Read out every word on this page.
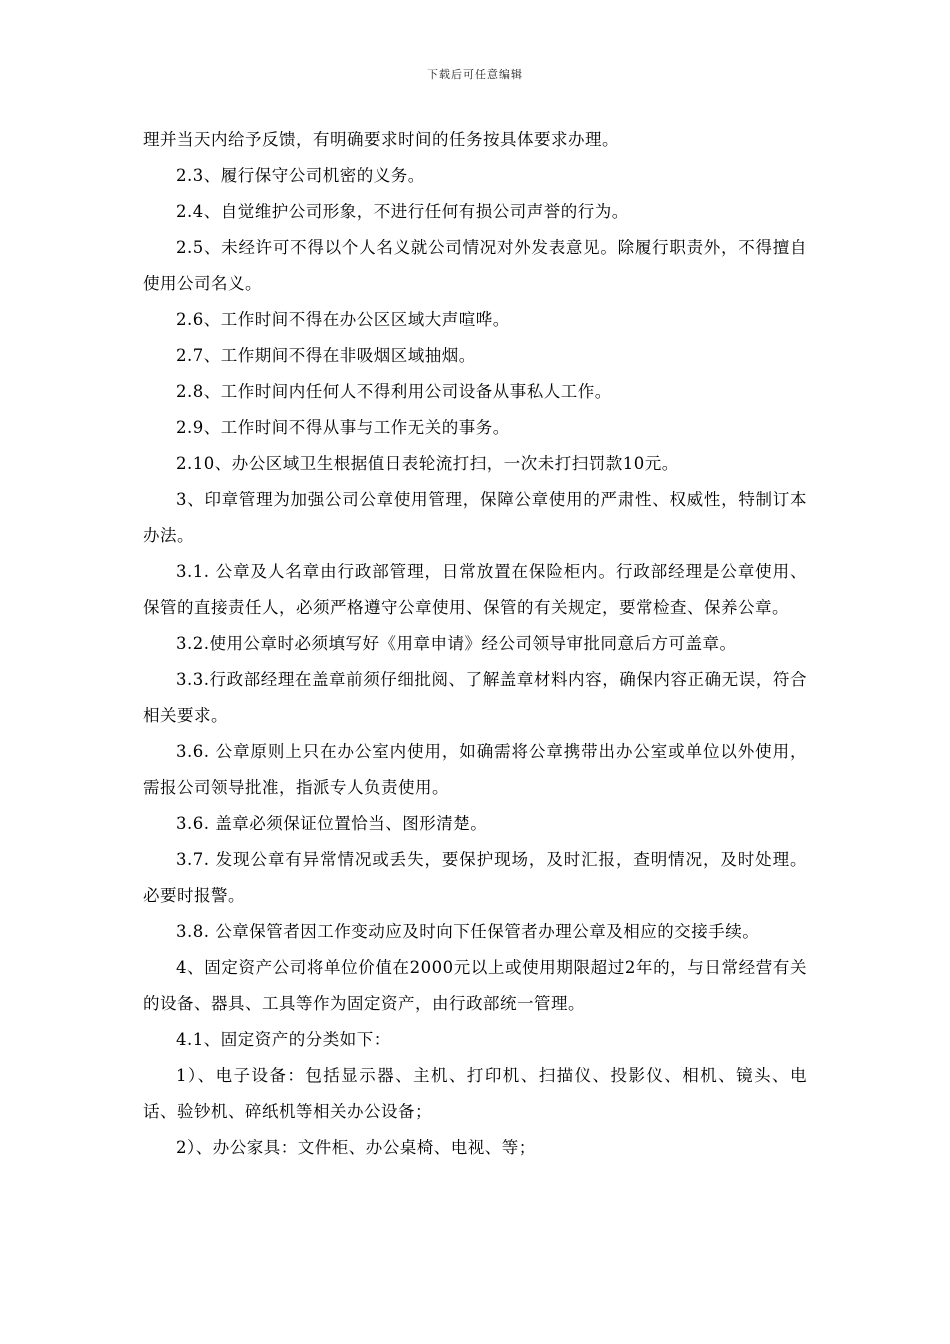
下载后可任意编辑

理并当天内给予反馈，有明确要求时间的任务按具体要求办理。

2.3、履行保守公司机密的义务。

2.4、自觉维护公司形象，不进行任何有损公司声誉的行为。

2.5、未经许可不得以个人名义就公司情况对外发表意见。除履行职责外，不得擅自使用公司名义。

2.6、工作时间不得在办公区区域大声喧哗。

2.7、工作期间不得在非吸烟区域抽烟。

2.8、工作时间内任何人不得利用公司设备从事私人工作。

2.9、工作时间不得从事与工作无关的事务。

2.10、办公区域卫生根据值日表轮流打扫，一次未打扫罚款10元。

3、印章管理为加强公司公章使用管理，保障公章使用的严肃性、权威性，特制订本办法。

3.1. 公章及人名章由行政部管理，日常放置在保险柜内。行政部经理是公章使用、保管的直接责任人，必须严格遵守公章使用、保管的有关规定，要常检查、保养公章。

3.2.使用公章时必须填写好《用章申请》经公司领导审批同意后方可盖章。

3.3.行政部经理在盖章前须仔细批阅、了解盖章材料内容，确保内容正确无误，符合相关要求。

3.6. 公章原则上只在办公室内使用，如确需将公章携带出办公室或单位以外使用，需报公司领导批准，指派专人负责使用。

3.6. 盖章必须保证位置恰当、图形清楚。

3.7. 发现公章有异常情况或丢失，要保护现场，及时汇报，查明情况，及时处理。必要时报警。

3.8. 公章保管者因工作变动应及时向下任保管者办理公章及相应的交接手续。

4、固定资产公司将单位价值在2000元以上或使用期限超过2年的，与日常经营有关的设备、器具、工具等作为固定资产，由行政部统一管理。

4.1、固定资产的分类如下：

1）、电子设备：包括显示器、主机、打印机、扫描仪、投影仪、相机、镜头、电话、验钞机、碎纸机等相关办公设备；

2）、办公家具：文件柜、办公桌椅、电视、等；
